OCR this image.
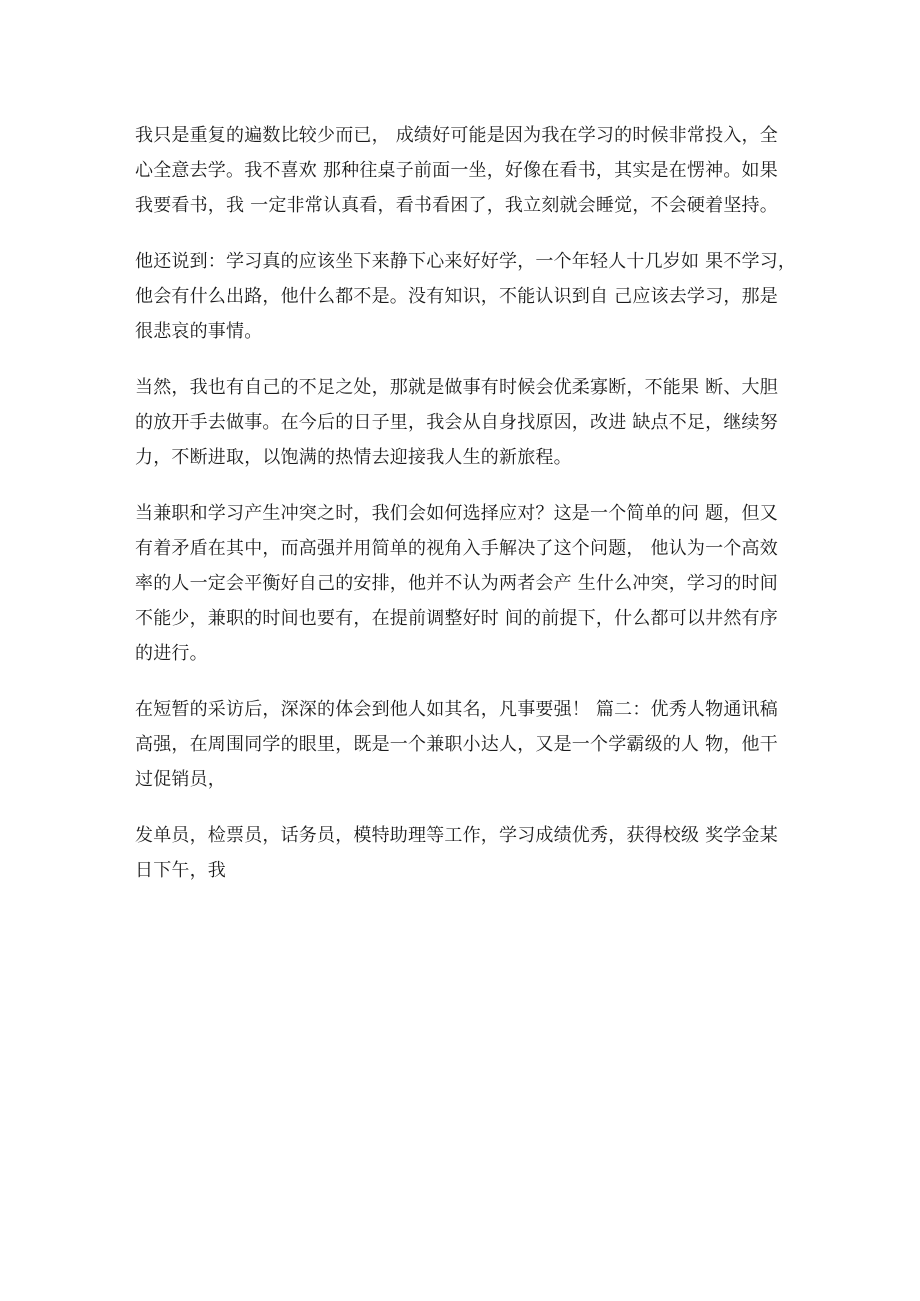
我只是重复的遍数比较少而已， 成绩好可能是因为我在学习的时候非常投入，全
心全意去学。我不喜欢 那种往桌子前面一坐，好像在看书，其实是在愣神。如果
我要看书，我 一定非常认真看，看书看困了，我立刻就会睡觉，不会硬着坚持。
他还说到：学习真的应该坐下来静下心来好好学，一个年轻人十几岁如 果不学习，
他会有什么出路，他什么都不是。没有知识，不能认识到自 己应该去学习，那是
很悲哀的事情。
当然，我也有自己的不足之处，那就是做事有时候会优柔寡断，不能果 断、大胆
的放开手去做事。在今后的日子里，我会从自身找原因，改进 缺点不足，继续努
力，不断进取，以饱满的热情去迎接我人生的新旅程。
当兼职和学习产生冲突之时，我们会如何选择应对？这是一个简单的问 题，但又
有着矛盾在其中，而高强并用简单的视角入手解决了这个问题， 他认为一个高效
率的人一定会平衡好自己的安排，他并不认为两者会产 生什么冲突，学习的时间
不能少，兼职的时间也要有，在提前调整好时 间的前提下，什么都可以井然有序
的进行。
在短暂的采访后，深深的体会到他人如其名，凡事要强！ 篇二：优秀人物通讯稿
高强，在周围同学的眼里，既是一个兼职小达人，又是一个学霸级的人 物，他干
过促销员，
发单员，检票员，话务员，模特助理等工作，学习成绩优秀，获得校级 奖学金某
日下午，我
